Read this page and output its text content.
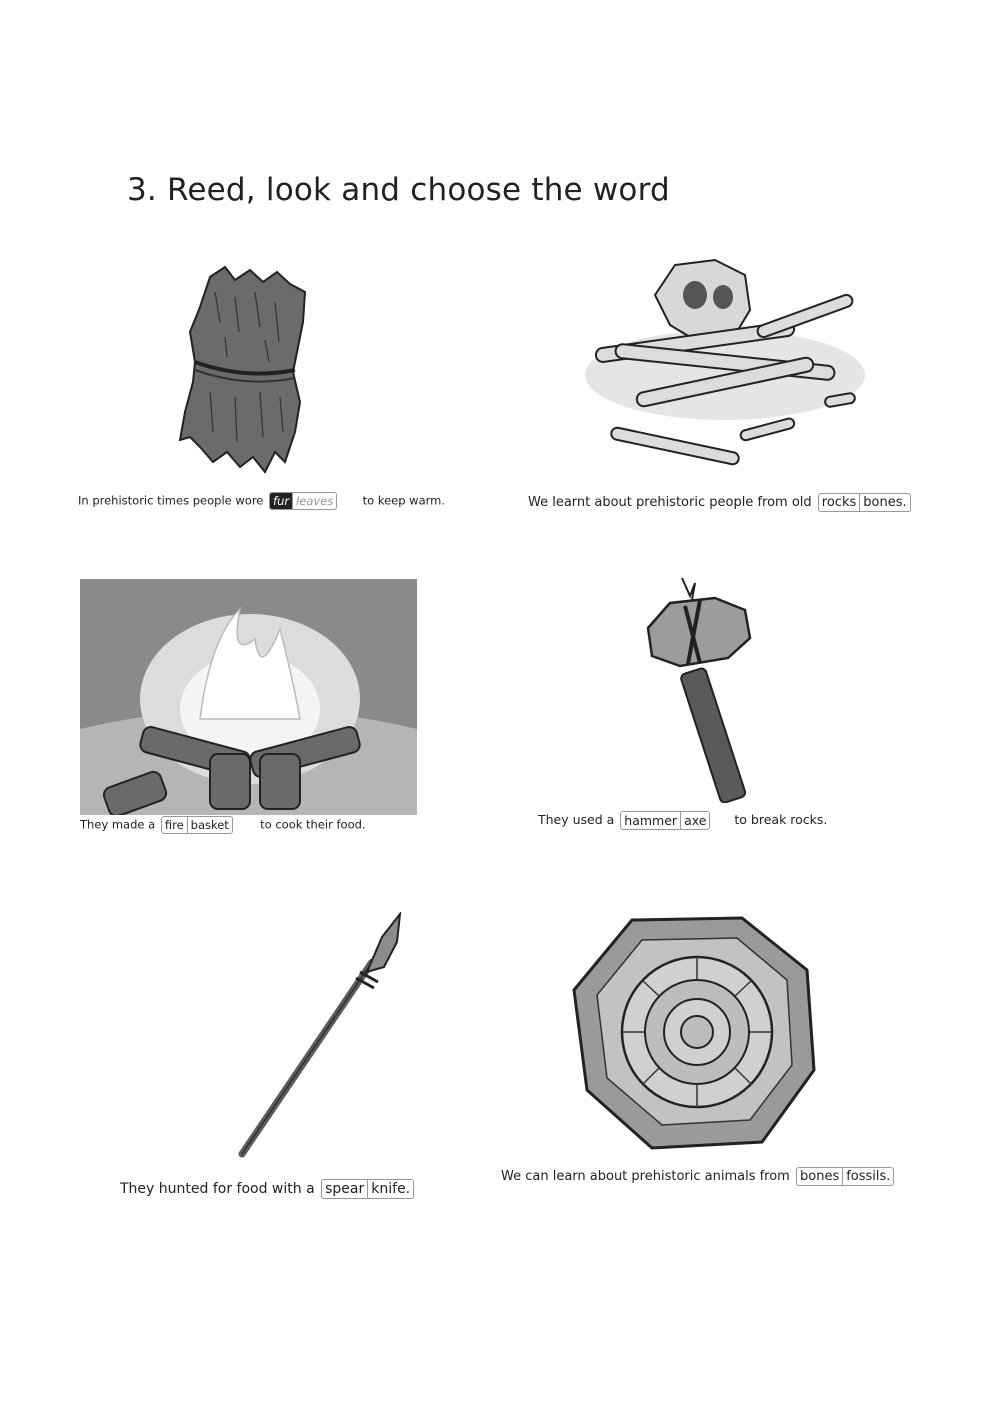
3. Reed, look and choose the word
In prehistoric times people wore fur leaves	to keep warm.	We learnt about prehistoric people from old rocks bones.
They made a fire basket	to cook their food.	They used a hammer axe to break rocks.
They hunted for food with a spear knife.
We can learn about prehistoric animals from bones fossils.
